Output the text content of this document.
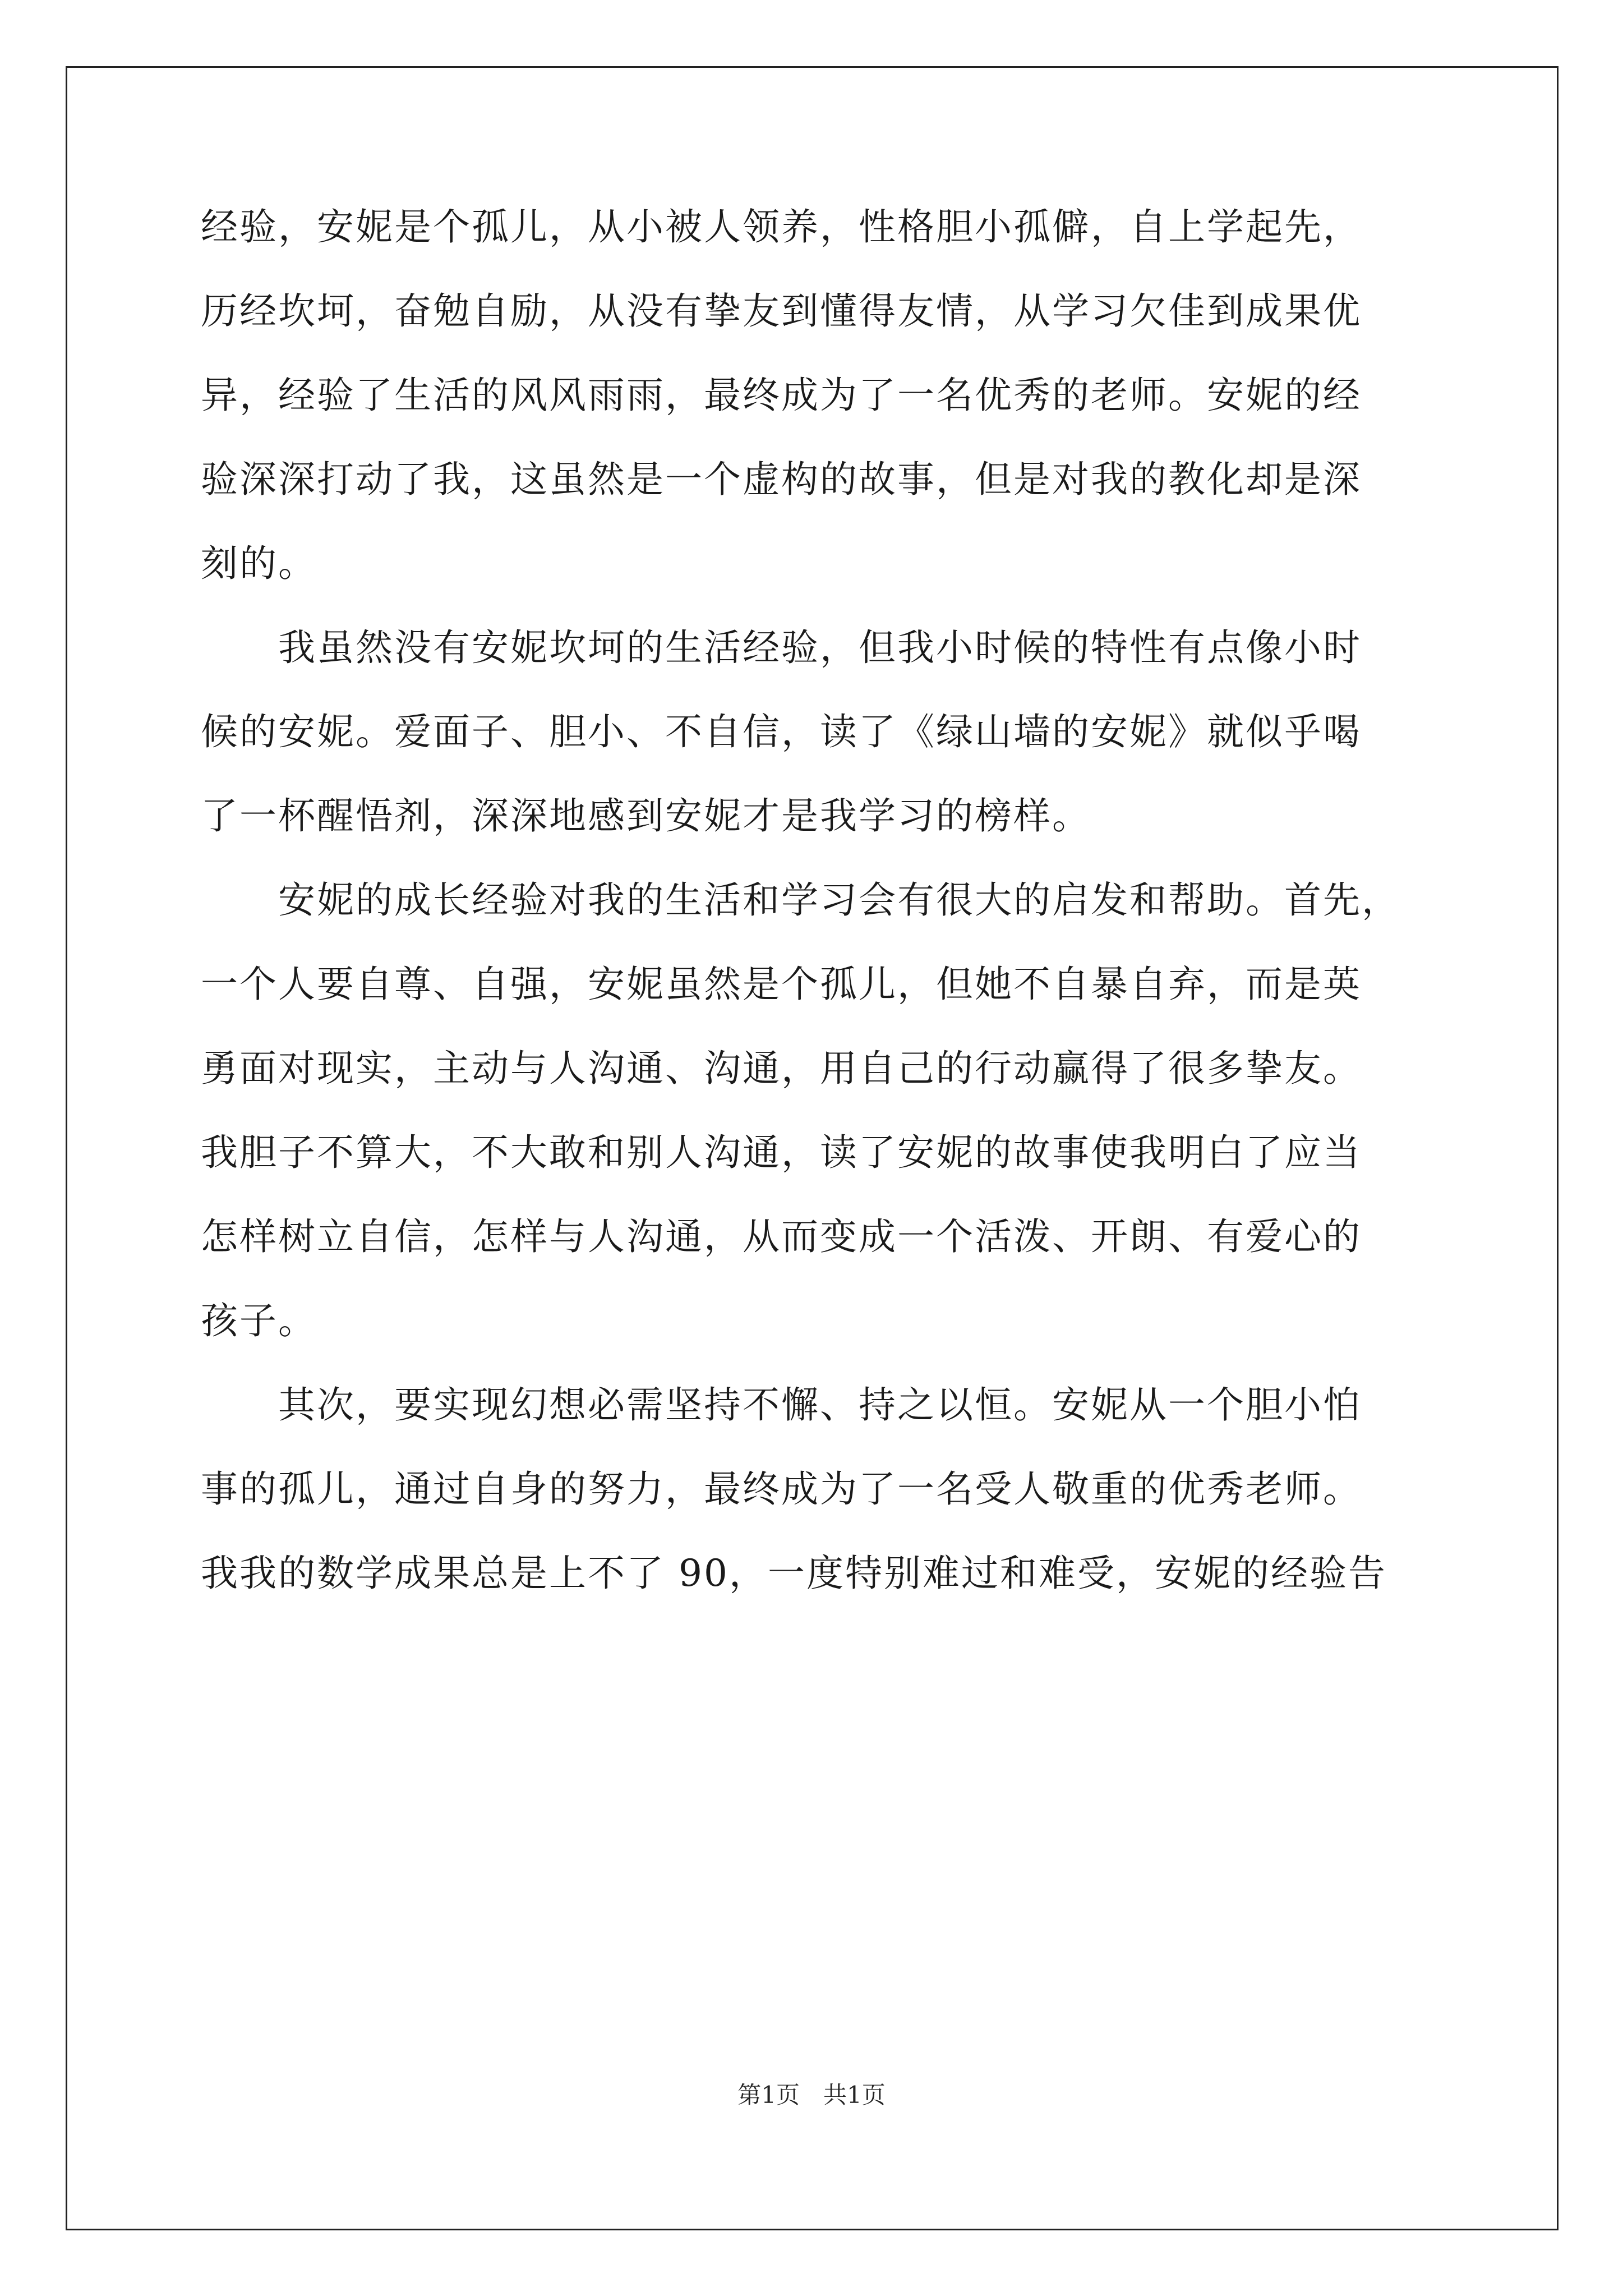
经验，安妮是个孤儿，从小被人领养，性格胆小孤僻，自上学起先，
历经坎坷，奋勉自励，从没有挚友到懂得友情，从学习欠佳到成果优
异，经验了生活的风风雨雨，最终成为了一名优秀的老师。安妮的经
验深深打动了我，这虽然是一个虚构的故事，但是对我的教化却是深
刻的。
　　我虽然没有安妮坎坷的生活经验，但我小时候的特性有点像小时
候的安妮。爱面子、胆小、不自信，读了《绿山墙的安妮》就似乎喝
了一杯醒悟剂，深深地感到安妮才是我学习的榜样。
　　安妮的成长经验对我的生活和学习会有很大的启发和帮助。首先，
一个人要自尊、自强，安妮虽然是个孤儿，但她不自暴自弃，而是英
勇面对现实，主动与人沟通、沟通，用自己的行动赢得了很多挚友。
我胆子不算大，不大敢和别人沟通，读了安妮的故事使我明白了应当
怎样树立自信，怎样与人沟通，从而变成一个活泼、开朗、有爱心的
孩子。
　　其次，要实现幻想必需坚持不懈、持之以恒。安妮从一个胆小怕
事的孤儿，通过自身的努力，最终成为了一名受人敬重的优秀老师。
我我的数学成果总是上不了 90，一度特别难过和难受，安妮的经验告
第1页　共1页
